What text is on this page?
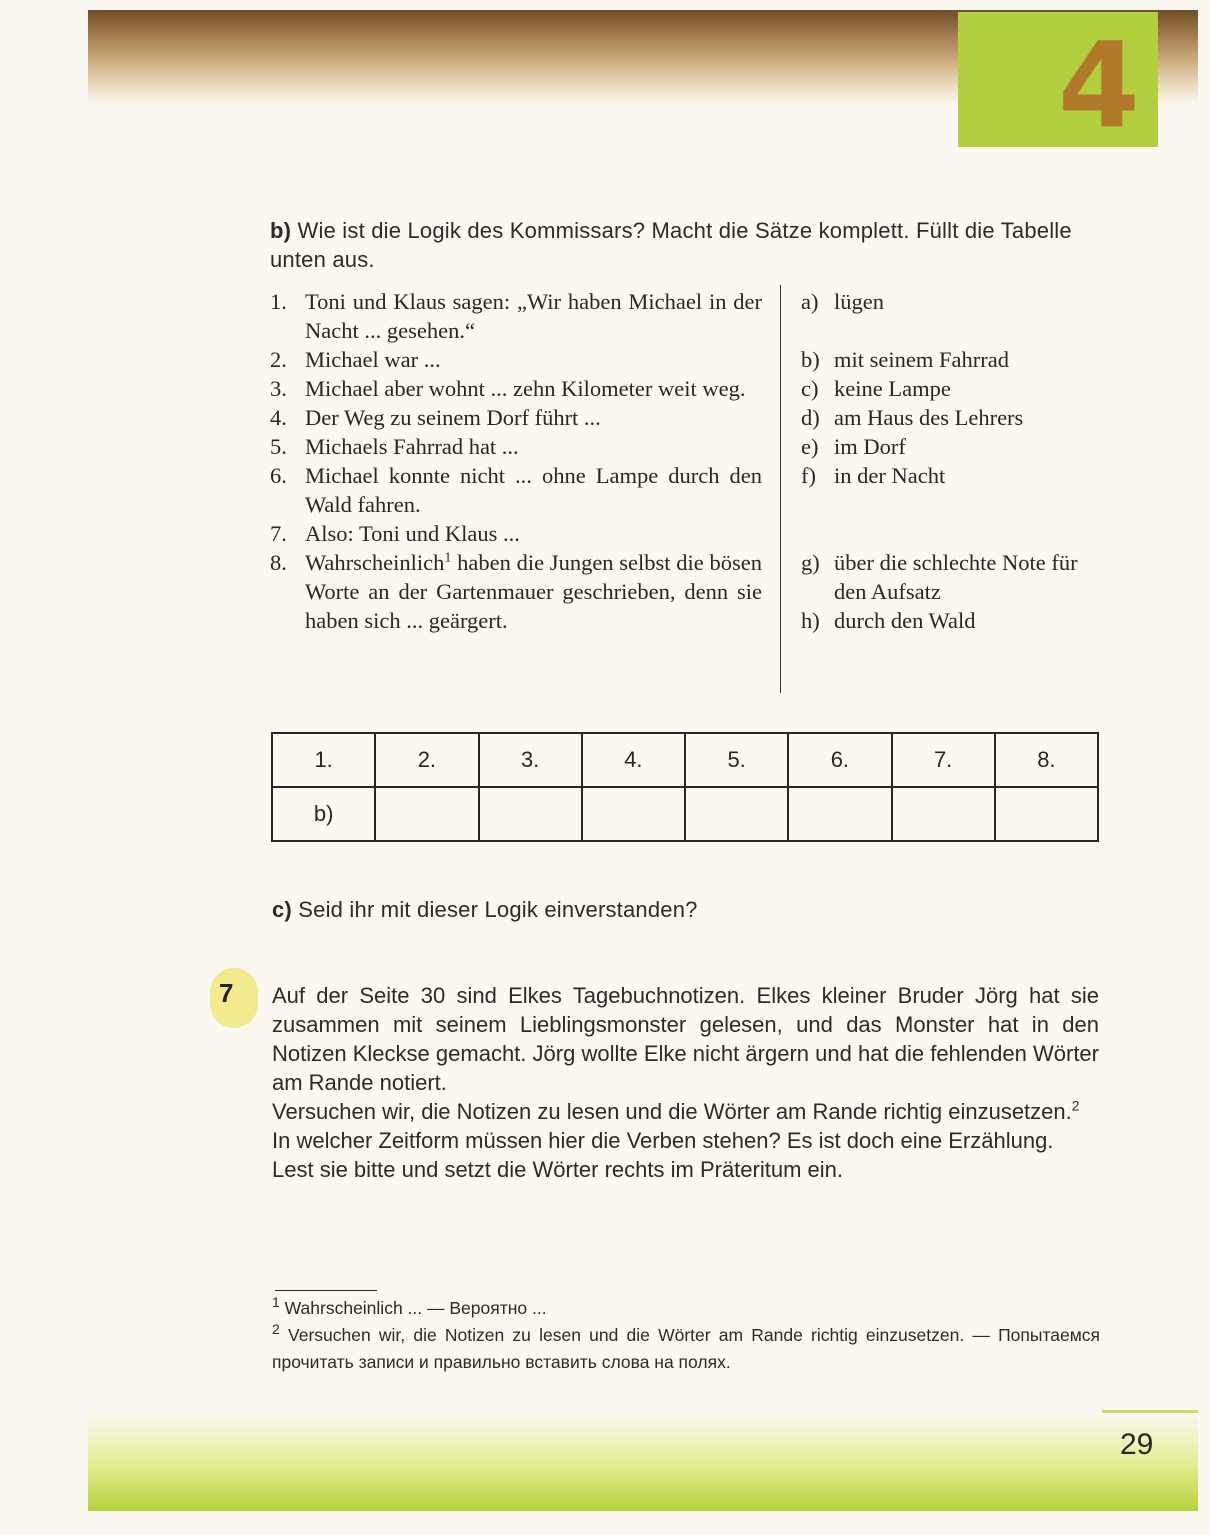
4
b) Wie ist die Logik des Kommissars? Macht die Sätze komplett. Füllt die Tabelle unten aus.
1. Toni und Klaus sagen: „Wir haben Michael in der Nacht ... gesehen.“
2. Michael war ...
3. Michael aber wohnt ... zehn Kilometer weit weg.
4. Der Weg zu seinem Dorf führt ...
5. Michaels Fahrrad hat ...
6. Michael konnte nicht ... ohne Lampe durch den Wald fahren.
7. Also: Toni und Klaus ...
8. Wahrscheinlich$^1$ haben die Jungen selbst die bösen Worte an der Gartenmauer geschrieben, denn sie haben sich ... geärgert.
a) lügen
b) mit seinem Fahrrad
c) keine Lampe
d) am Haus des Lehrers
e) im Dorf
f) in der Nacht
g) über die schlechte Note für den Aufsatz
h) durch den Wald
1.	2.	3.	4.	5.	6.	7.	8.
b)							
c) Seid ihr mit dieser Logik einverstanden?
7 Auf der Seite 30 sind Elkes Tagebuchnotizen. Elkes kleiner Bruder Jörg hat sie zusammen mit seinem Lieblingsmonster gelesen, und das Monster hat in den Notizen Kleckse gemacht. Jörg wollte Elke nicht ärgern und hat die fehlenden Wörter am Rande notiert.

Versuchen wir, die Notizen zu lesen und die Wörter am Rande richtig einzusetzen.$^2$

In welcher Zeitform müssen hier die Verben stehen? Es ist doch eine Erzählung.

Lest sie bitte und setzt die Wörter rechts im Präteritum ein.

$^1$ Wahrscheinlich ... — Вероятно ...

$^2$ Versuchen wir, die Notizen zu lesen und die Wörter am Rande richtig einzusetzen. — Попытаемся прочитать записи и правильно вставить слова на полях.

29
